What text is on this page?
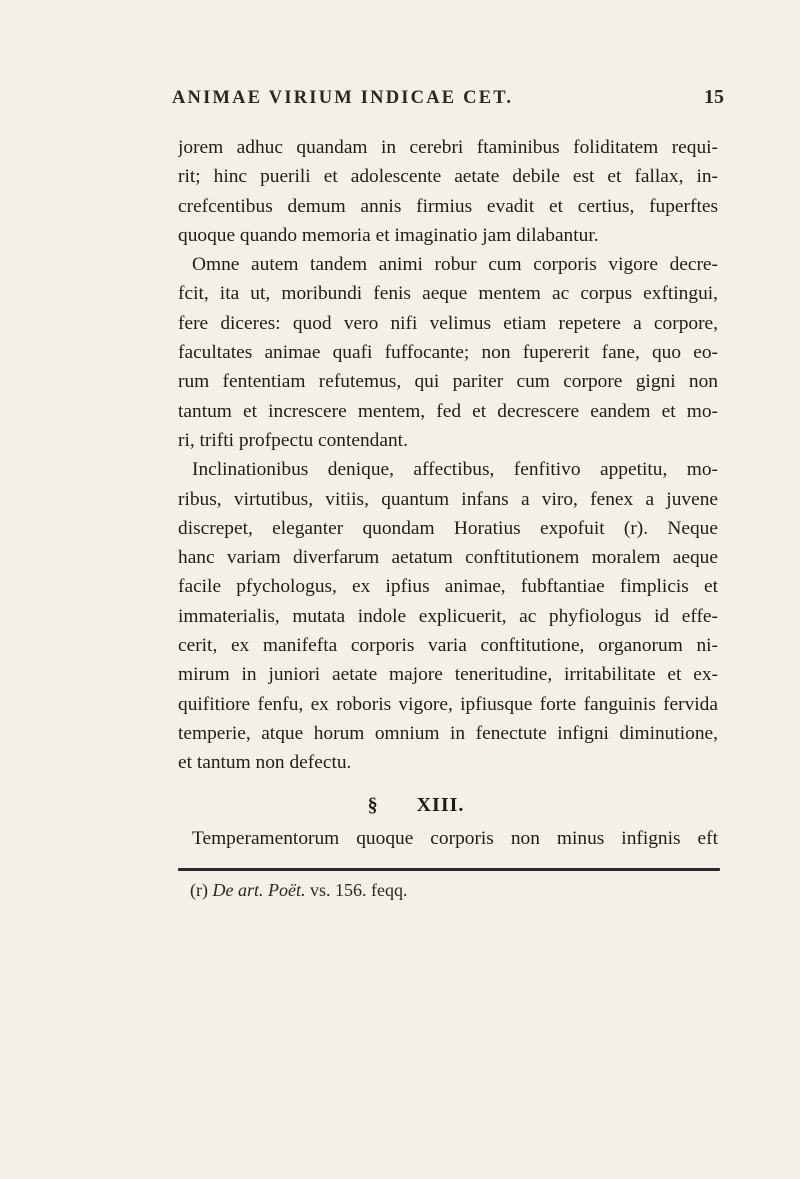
ANIMAE VIRIUM INDICAE CET.	15
jorem adhuc quandam in cerebri ftaminibus foliditatem requi-
rit; hinc puerili et adolescente aetate debile est et fallax, in-
crefcentibus demum annis firmius evadit et certius, fuperftes
quoque quando memoria et imaginatio jam dilabantur.
Omne autem tandem animi robur cum corporis vigore decre-
fcit, ita ut, moribundi fenis aeque mentem ac corpus exftingui,
fere diceres: quod vero nifi velimus etiam repetere a corpore,
facultates animae quafi fuffocante; non fupererit fane, quo eo-
rum fententiam refutemus, qui pariter cum corpore gigni non
tantum et increscere mentem, fed et decrescere eandem et mo-
ri, trifti profpectu contendant.
Inclinationibus denique, affectibus, fenfitivo appetitu, mo-
ribus, virtutibus, vitiis, quantum infans a viro, fenex a juvene
discrepet, eleganter quondam Horatius expofuit (r). Neque
hanc variam diverfarum aetatum conftitutionem moralem aeque
facile pfychologus, ex ipfius animae, fubftantiae fimplicis et
immaterialis, mutata indole explicuerit, ac phyfiologus id effe-
cerit, ex manifefta corporis varia conftitutione, organorum ni-
mirum in juniori aetate majore teneritudine, irritabilitate et ex-
quifitiore fenfu, ex roboris vigore, ipfiusque forte fanguinis fervida
temperie, atque horum omnium in fenectute infigni diminutione,
et tantum non defectu.
§ XIII.
Temperamentorum quoque corporis non minus infignis eft
(r) De art. Poët. vs. 156. feqq.
